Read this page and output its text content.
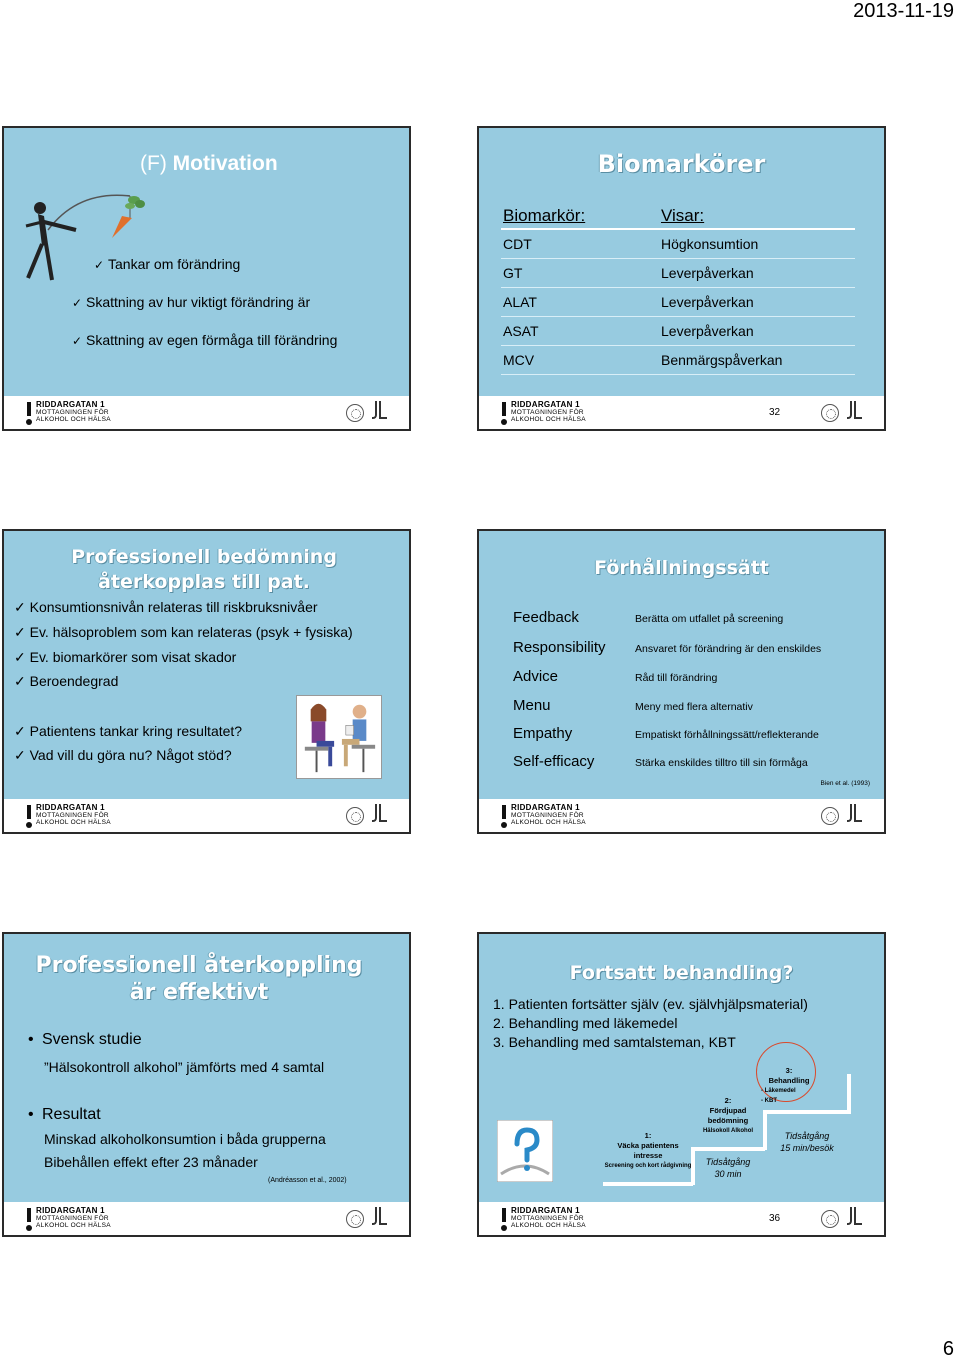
2013-11-19
(F) Motivation
✓ Tankar om förändring
✓ Skattning av hur viktigt förändring är
✓ Skattning av egen förmåga till förändring
RIDDARGATAN 1
MOTTAGNINGEN FÖR
ALKOHOL OCH HÄLSA
Biomarkörer
Biomarkör:	Visar:
CDT	Högkonsumtion
GT	Leverpåverkan
ALAT	Leverpåverkan
ASAT	Leverpåverkan
MCV	Benmärgspåverkan
RIDDARGATAN 1
MOTTAGNINGEN FÖR
ALKOHOL OCH HÄLSA
32
Professionell bedömning
återkopplas till pat.
✓ Konsumtionsnivån relateras till riskbruksnivåer
✓ Ev. hälsoproblem som kan relateras (psyk + fysiska)
✓ Ev. biomarkörer som visat skador
✓ Beroendegrad
✓ Patientens tankar kring resultatet?
✓ Vad vill du göra nu? Något stöd?
RIDDARGATAN 1
MOTTAGNINGEN FÖR
ALKOHOL OCH HÄLSA
Förhållningssätt
Feedback	Berätta om utfallet på screening
Responsibility	Ansvaret för förändring är den enskildes
Advice	Råd till förändring
Menu	Meny med flera alternativ
Empathy	Empatiskt förhållningssätt/reflekterande
Self-efficacy	Stärka enskildes tilltro till sin förmåga
Bien et al. (1993)
RIDDARGATAN 1
MOTTAGNINGEN FÖR
ALKOHOL OCH HÄLSA
Professionell återkoppling
är effektivt
• Svensk studie
”Hälsokontroll alkohol” jämförts med 4 samtal
• Resultat
Minskad alkoholkonsumtion i båda grupperna
Bibehållen effekt efter 23 månader
(Andréasson et al., 2002)
RIDDARGATAN 1
MOTTAGNINGEN FÖR
ALKOHOL OCH HÄLSA
Fortsatt behandling?
1. Patienten fortsätter själv (ev. självhjälpsmaterial)
2. Behandling med läkemedel
3. Behandling med samtalsteman, KBT
1:
Väcka patientens intresse
Screening och kort rådgivning
2:
Fördjupad bedömning
Hälsokoll Alkohol
Tidsåtgång
30 min
3:
Behandling
- Läkemedel
- KBT
Tidsåtgång
15 min/besök
RIDDARGATAN 1
MOTTAGNINGEN FÖR
ALKOHOL OCH HÄLSA
36
6
